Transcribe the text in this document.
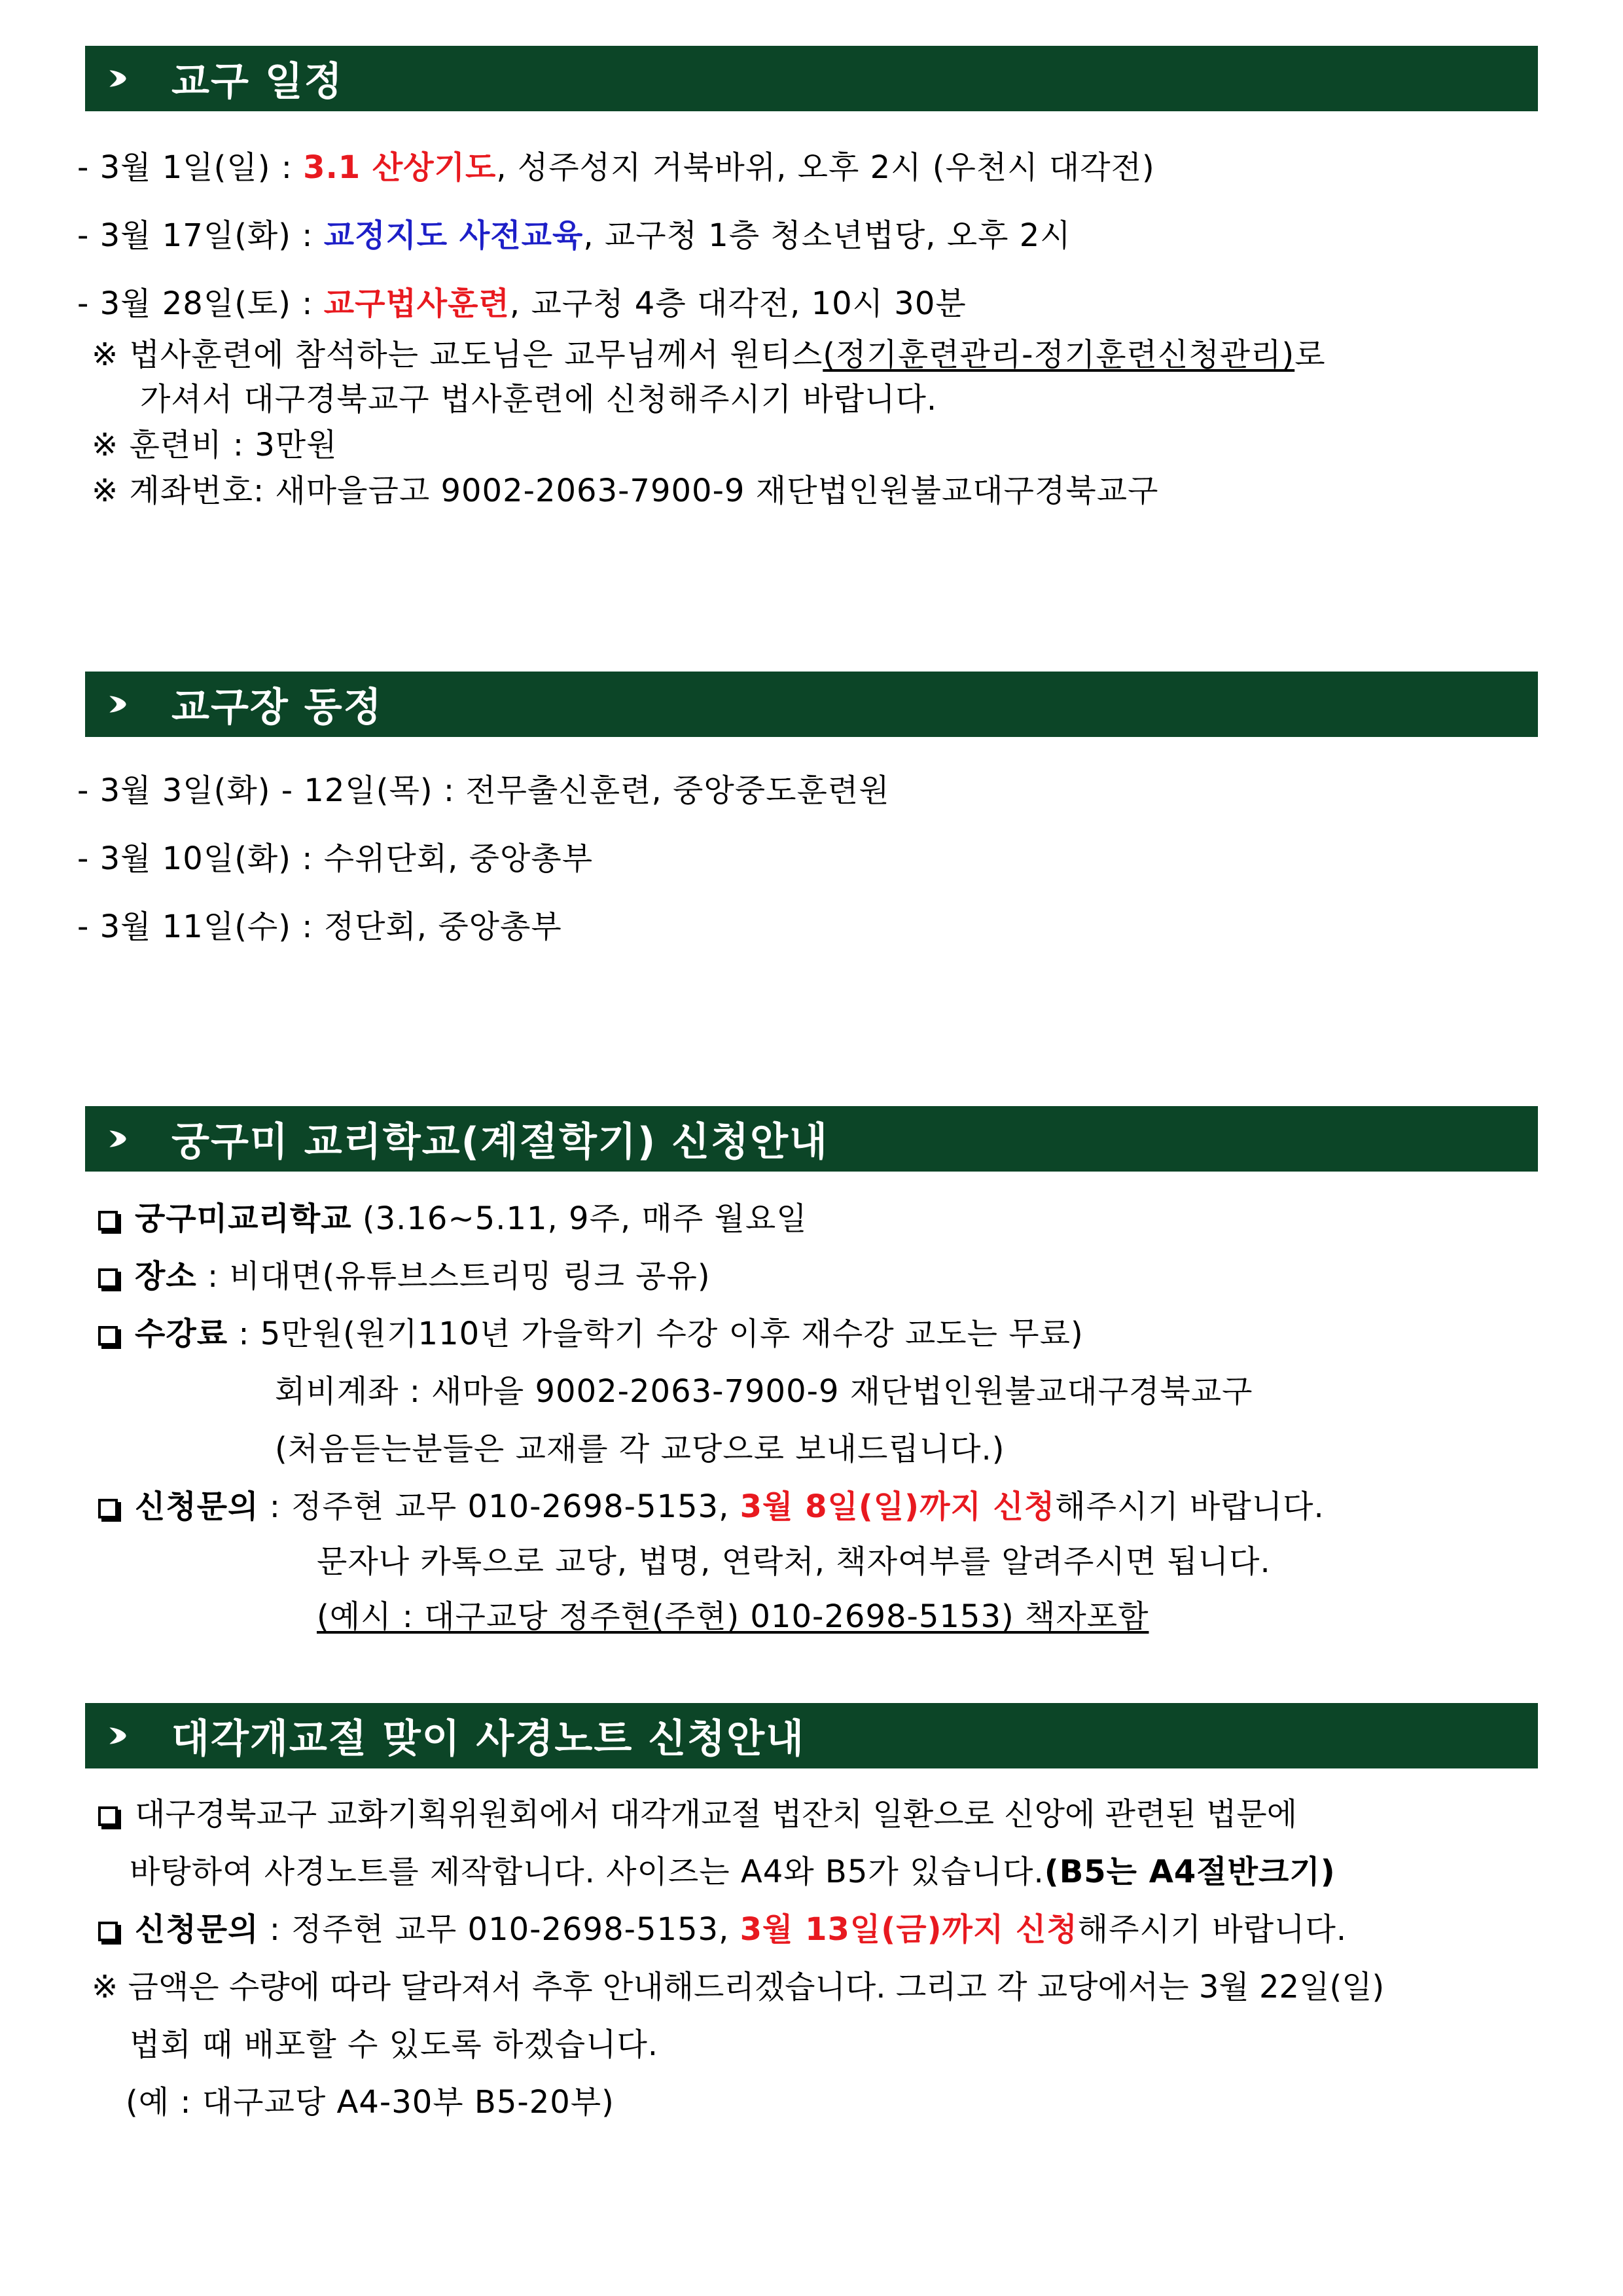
교구 일정
- 3월 1일(일) : 3.1 산상기도, 성주성지 거북바위, 오후 2시 (우천시 대각전)
- 3월 17일(화) : 교정지도 사전교육, 교구청 1층 청소년법당, 오후 2시
- 3월 28일(토) : 교구법사훈련, 교구청 4층 대각전, 10시 30분
※ 법사훈련에 참석하는 교도님은 교무님께서 원티스(정기훈련관리-정기훈련신청관리)로
가셔서 대구경북교구 법사훈련에 신청해주시기 바랍니다.
※ 훈련비 : 3만원
※ 계좌번호: 새마을금고 9002-2063-7900-9 재단법인원불교대구경북교구
교구장 동정
- 3월 3일(화) - 12일(목) : 전무출신훈련, 중앙중도훈련원
- 3월 10일(화) : 수위단회, 중앙총부
- 3월 11일(수) : 정단회, 중앙총부
궁구미 교리학교(계절학기) 신청안내
궁구미교리학교 (3.16~5.11, 9주, 매주 월요일
장소 : 비대면(유튜브스트리밍 링크 공유)
수강료 : 5만원(원기110년 가을학기 수강 이후 재수강 교도는 무료)
회비계좌 : 새마을 9002-2063-7900-9 재단법인원불교대구경북교구
(처음듣는분들은 교재를 각 교당으로 보내드립니다.)
신청문의 : 정주현 교무 010-2698-5153, 3월 8일(일)까지 신청해주시기 바랍니다.
문자나 카톡으로 교당, 법명, 연락처, 책자여부를 알려주시면 됩니다.
(예시 : 대구교당 정주현(주현) 010-2698-5153) 책자포함
대각개교절 맞이 사경노트 신청안내
대구경북교구 교화기획위원회에서 대각개교절 법잔치 일환으로 신앙에 관련된 법문에
바탕하여 사경노트를 제작합니다. 사이즈는 A4와 B5가 있습니다.(B5는 A4절반크기)
신청문의 : 정주현 교무 010-2698-5153, 3월 13일(금)까지 신청해주시기 바랍니다.
※ 금액은 수량에 따라 달라져서 추후 안내해드리겠습니다. 그리고 각 교당에서는 3월 22일(일)
법회 때 배포할 수 있도록 하겠습니다.
(예 : 대구교당 A4-30부 B5-20부)
